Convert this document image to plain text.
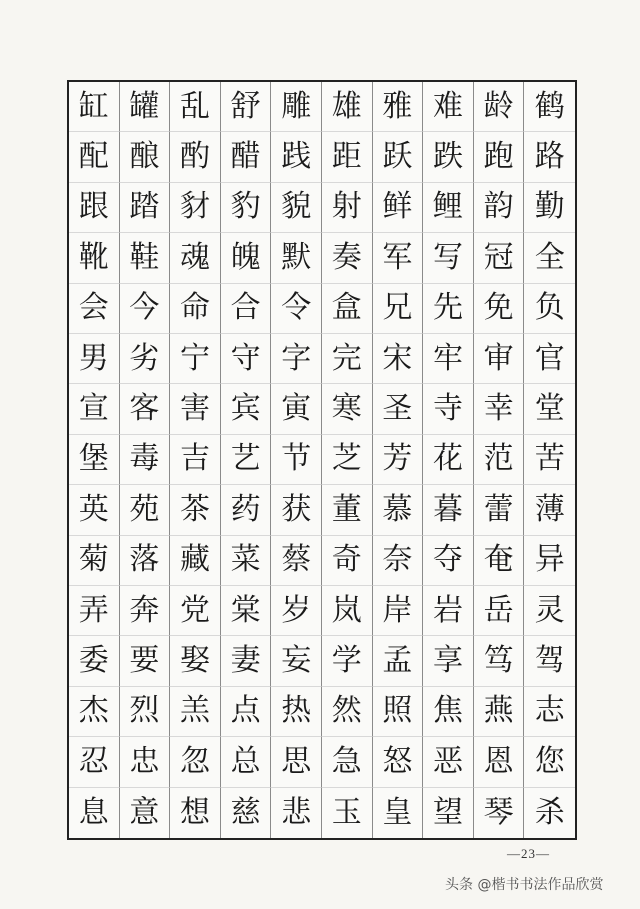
缸 罐 乱 舒 雕 雄 雅 难 龄 鹤
配 酿 酌 醋 践 距 跃 跌 跑 路
跟 踏 豺 豹 貌 射 鲜 鲤 韵 勤
靴 鞋 魂 魄 默 奏 军 写 冠 全
会 今 命 合 令 盒 兄 先 免 负
男 劣 宁 守 字 完 宋 牢 审 官
宣 客 害 宾 寅 寒 圣 寺 幸 堂
堡 毒 吉 艺 节 芝 芳 花 范 苦
英 苑 茶 药 获 董 慕 暮 蕾 薄
菊 落 藏 菜 蔡 奇 奈 夺 奄 异
弄 奔 党 棠 岁 岚 岸 岩 岳 灵
委 要 娶 妻 妄 学 孟 享 笃 驾
杰 烈 羔 点 热 然 照 焦 燕 志
忍 忠 忽 总 思 急 怒 恶 恩 您
息 意 想 慈 悲 玉 皇 望 琴 杀
—23—
头条 @楷书书法作品欣赏
